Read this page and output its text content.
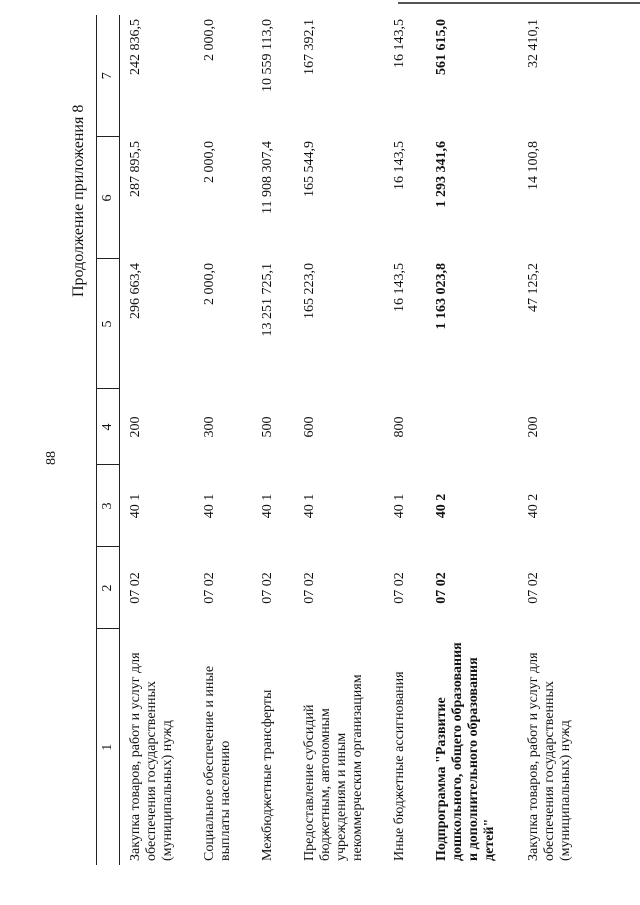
88
Продолжение приложения 8
1	2	3	4	5	6	7
Закупка товаров, работ и услуг для обеспечения государственных (муниципальных) нужд	07 02	40 1	200	296 663,4	287 895,5	242 836,5
Социальное обеспечение и иные выплаты населению	07 02	40 1	300	2 000,0	2 000,0	2 000,0
Межбюджетные трансферты	07 02	40 1	500	13 251 725,1	11 908 307,4	10 559 113,0
Предоставление субсидий бюджетным, автономным учреждениям и иным некоммерческим организациям	07 02	40 1	600	165 223,0	165 544,9	167 392,1
Иные бюджетные ассигнования	07 02	40 1	800	16 143,5	16 143,5	16 143,5
Подпрограмма "Развитие дошкольного, общего образования и дополнительного образования детей"	07 02	40 2		1 163 023,8	1 293 341,6	561 615,0
Закупка товаров, работ и услуг для обеспечения государственных (муниципальных) нужд	07 02	40 2	200	47 125,2	14 100,8	32 410,1
